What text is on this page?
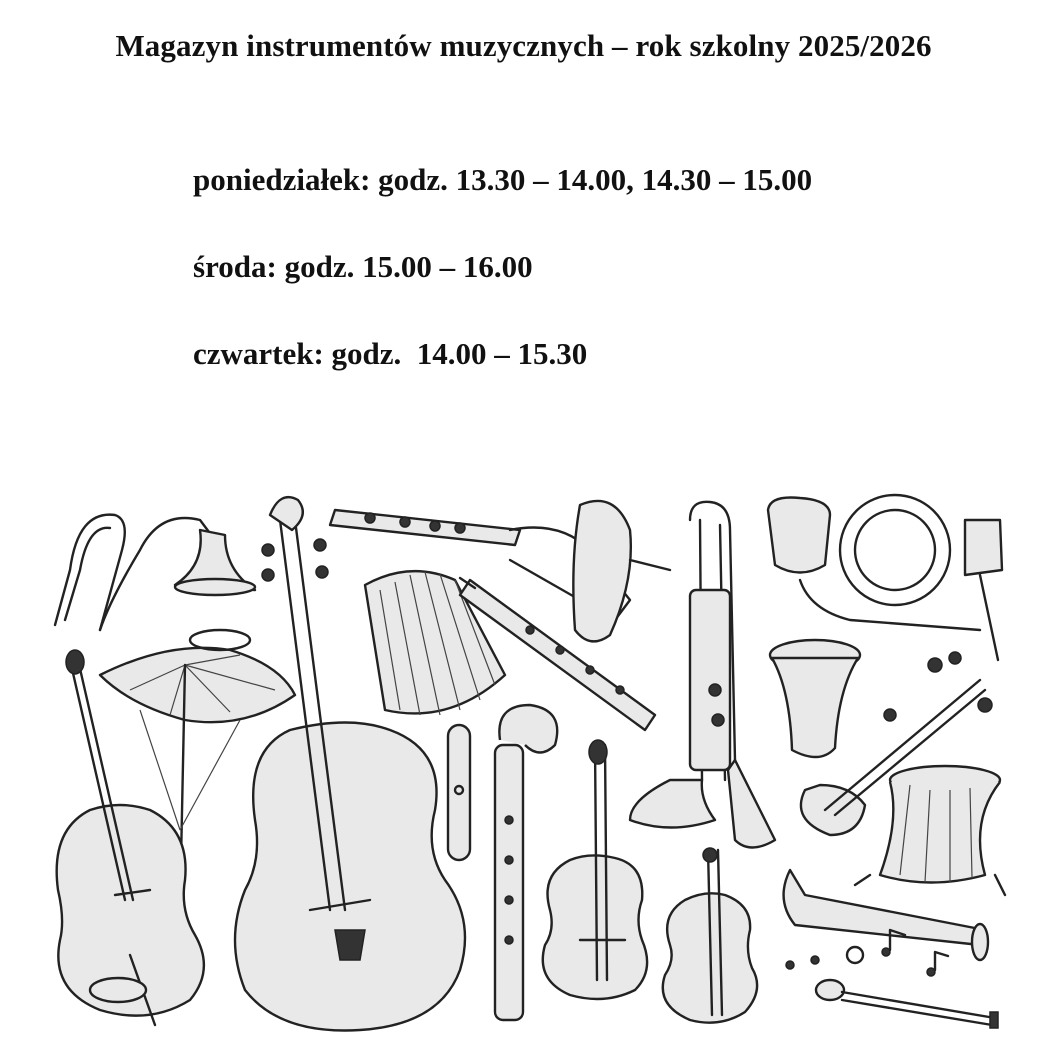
Magazyn instrumentów muzycznych – rok szkolny 2025/2026
poniedziałek: godz. 13.30 – 14.00, 14.30 – 15.00
środa: godz. 15.00 – 16.00
czwartek: godz.  14.00 – 15.30
